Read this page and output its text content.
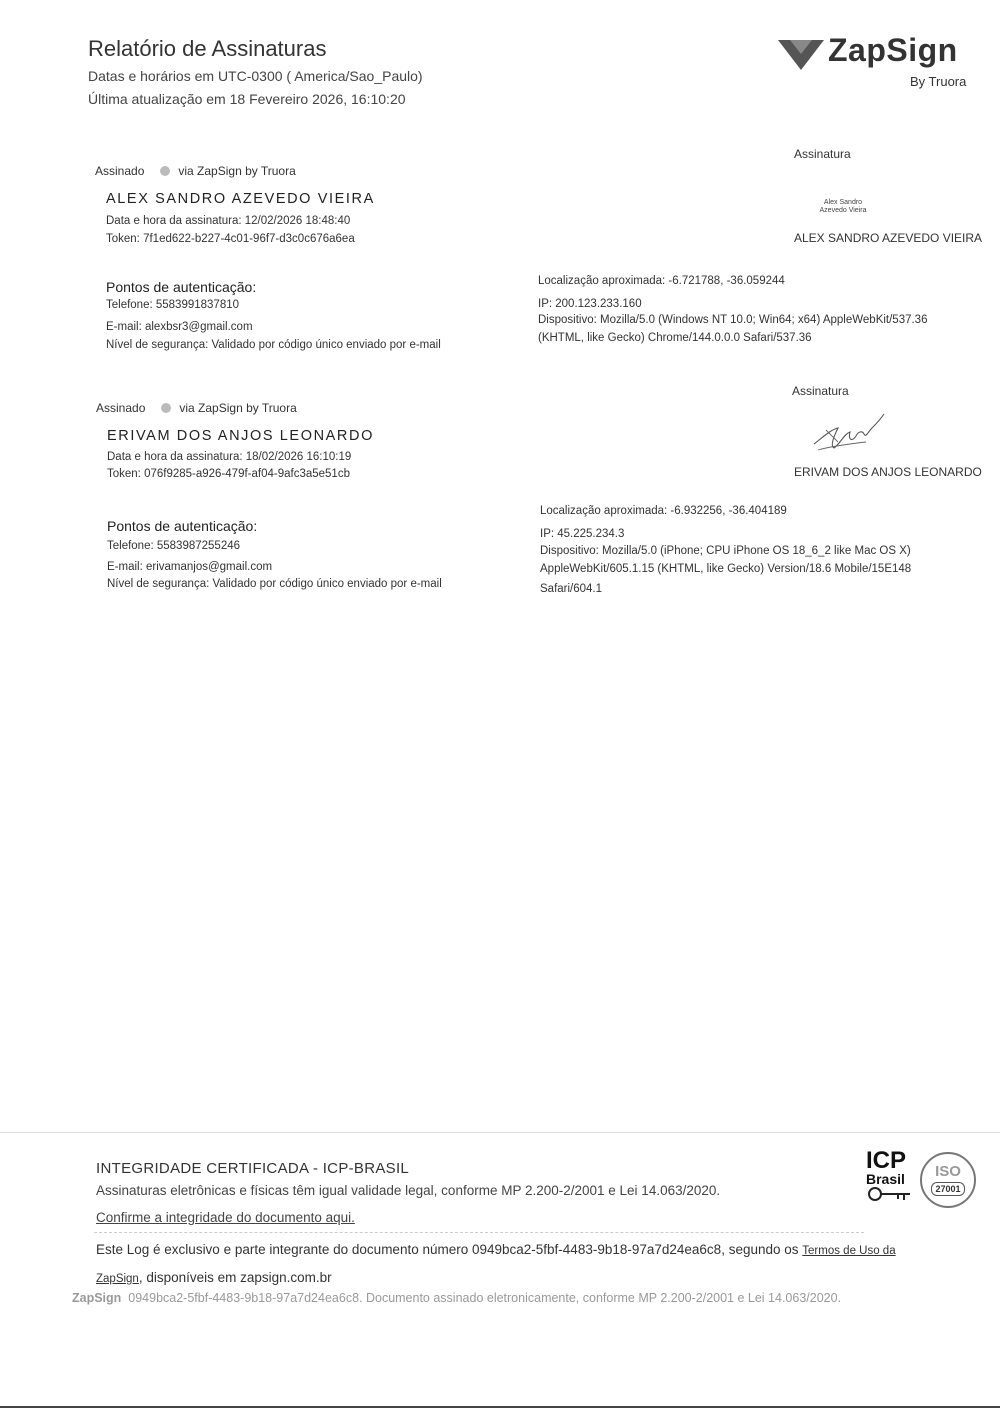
Relatório de Assinaturas
Datas e horários em UTC-0300 ( America/Sao_Paulo)
Última atualização em 18 Fevereiro 2026, 16:10:20
ZapSign
By Truora
Assinado	via ZapSign by Truora
ALEX SANDRO AZEVEDO VIEIRA
Data e hora da assinatura: 12/02/2026 18:48:40
Token: 7f1ed622-b227-4c01-96f7-d3c0c676a6ea
Pontos de autenticação:
Telefone: 5583991837810
E-mail: alexbsr3@gmail.com
Nível de segurança: Validado por código único enviado por e-mail
Localização aproximada: -6.721788, -36.059244
IP: 200.123.233.160
Dispositivo: Mozilla/5.0 (Windows NT 10.0; Win64; x64) AppleWebKit/537.36
(KHTML, like Gecko) Chrome/144.0.0.0 Safari/537.36
Assinatura
Alex Sandro
Azevedo Vieira
ALEX SANDRO AZEVEDO VIEIRA
Assinado	via ZapSign by Truora
ERIVAM DOS ANJOS LEONARDO
Data e hora da assinatura: 18/02/2026 16:10:19
Token: 076f9285-a926-479f-af04-9afc3a5e51cb
Pontos de autenticação:
Telefone: 5583987255246
E-mail: erivamanjos@gmail.com
Nível de segurança: Validado por código único enviado por e-mail
Localização aproximada: -6.932256, -36.404189
IP: 45.225.234.3
Dispositivo: Mozilla/5.0 (iPhone; CPU iPhone OS 18_6_2 like Mac OS X)
AppleWebKit/605.1.15 (KHTML, like Gecko) Version/18.6 Mobile/15E148
Safari/604.1
Assinatura
ERIVAM DOS ANJOS LEONARDO
INTEGRIDADE CERTIFICADA - ICP-BRASIL
Assinaturas eletrônicas e físicas têm igual validade legal, conforme MP 2.200-2/2001 e Lei 14.063/2020.
Confirme a integridade do documento aqui.
ICP
Brasil	ISO
27001
Este Log é exclusivo e parte integrante do documento número 0949bca2-5fbf-4483-9b18-97a7d24ea6c8, segundo os Termos de Uso da
ZapSign, disponíveis em zapsign.com.br
ZapSign 0949bca2-5fbf-4483-9b18-97a7d24ea6c8. Documento assinado eletronicamente, conforme MP 2.200-2/2001 e Lei 14.063/2020.
